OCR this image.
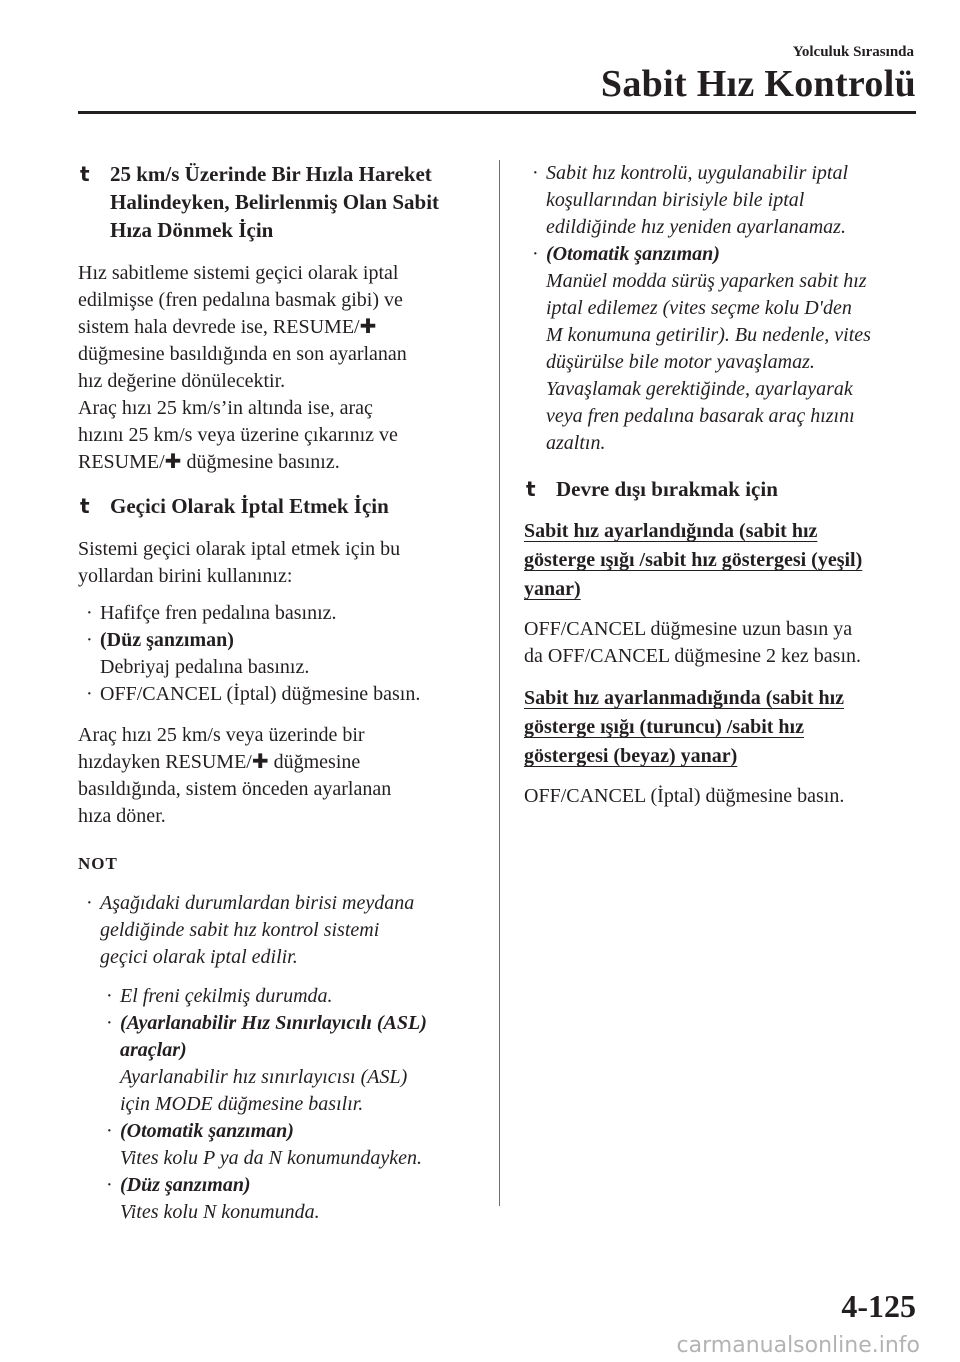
Yolculuk Sırasında
Sabit Hız Kontrolü
t 25 km/s Üzerinde Bir Hızla Hareket
Halindeyken, Belirlenmiş Olan Sabit
Hıza Dönmek İçin
Hız sabitleme sistemi geçici olarak iptal
edilmişse (fren pedalına basmak gibi) ve
sistem hala devrede ise, RESUME/✚
düğmesine basıldığında en son ayarlanan
hız değerine dönülecektir.
Araç hızı 25 km/s’in altında ise, araç
hızını 25 km/s veya üzerine çıkarınız ve
RESUME/✚ düğmesine basınız.
t Geçici Olarak İptal Etmek İçin
Sistemi geçici olarak iptal etmek için bu
yollardan birini kullanınız:
· Hafifçe fren pedalına basınız.
· (Düz şanzıman)
Debriyaj pedalına basınız.
· OFF/CANCEL (İptal) düğmesine basın.
Araç hızı 25 km/s veya üzerinde bir
hızdayken RESUME/✚ düğmesine
basıldığında, sistem önceden ayarlanan
hıza döner.
NOT
· Aşağıdaki durumlardan birisi meydana
geldiğinde sabit hız kontrol sistemi
geçici olarak iptal edilir.
· El freni çekilmiş durumda.
· (Ayarlanabilir Hız Sınırlayıcılı (ASL)
araçlar)
Ayarlanabilir hız sınırlayıcısı (ASL)
için MODE düğmesine basılır.
· (Otomatik şanzıman)
Vites kolu P ya da N konumundayken.
· (Düz şanzıman)
Vites kolu N konumunda.
· Sabit hız kontrolü, uygulanabilir iptal
koşullarından birisiyle bile iptal
edildiğinde hız yeniden ayarlanamaz.
· (Otomatik şanzıman)
Manüel modda sürüş yaparken sabit hız
iptal edilemez (vites seçme kolu D'den
M konumuna getirilir). Bu nedenle, vites
düşürülse bile motor yavaşlamaz.
Yavaşlamak gerektiğinde, ayarlayarak
veya fren pedalına basarak araç hızını
azaltın.
t Devre dışı bırakmak için
Sabit hız ayarlandığında (sabit hız
gösterge ışığı /sabit hız göstergesi (yeşil)
yanar)
OFF/CANCEL düğmesine uzun basın ya
da OFF/CANCEL düğmesine 2 kez basın.
Sabit hız ayarlanmadığında (sabit hız
gösterge ışığı (turuncu) /sabit hız
göstergesi (beyaz) yanar)
OFF/CANCEL (İptal) düğmesine basın.
4-125
carmanualsonline.info
